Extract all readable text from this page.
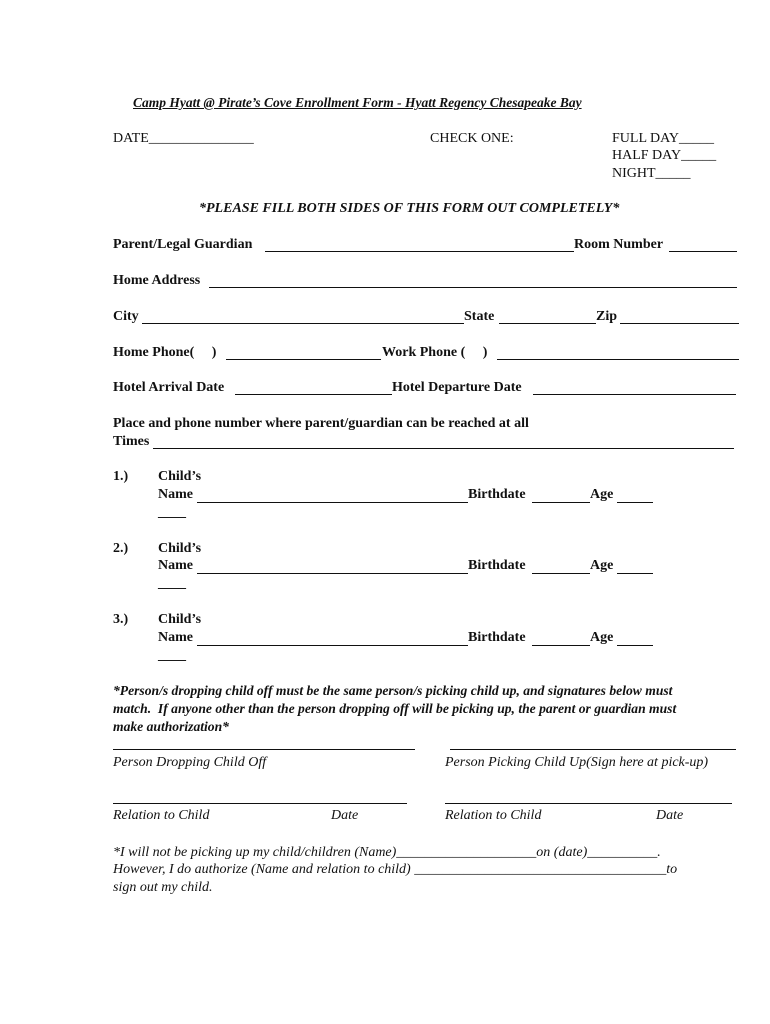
Camp Hyatt @ Pirate’s Cove Enrollment Form - Hyatt Regency Chesapeake Bay
DATE_______________	CHECK ONE:	FULL DAY_____
HALF DAY_____
NIGHT_____
*PLEASE FILL BOTH SIDES OF THIS FORM OUT COMPLETELY*
Parent/Legal Guardian	Room Number
Home Address
City	State	Zip
Home Phone(     )	Work Phone (     )
Hotel Arrival Date	Hotel Departure Date
Place and phone number where parent/guardian can be reached at all
Times
1.) Child’s
Name	Birthdate	Age
____
2.) Child’s
Name	Birthdate	Age
____
3.) Child’s
Name	Birthdate	Age
____
*Person/s dropping child off must be the same person/s picking child up, and signatures below must
match.  If anyone other than the person dropping off will be picking up, the parent or guardian must
make authorization*
Person Dropping Child Off	Person Picking Child Up(Sign here at pick-up)
Relation to Child	Date	Relation to Child	Date
*I will not be picking up my child/children (Name)____________________on (date)__________.
However, I do authorize (Name and relation to child) ____________________________________to
sign out my child.
